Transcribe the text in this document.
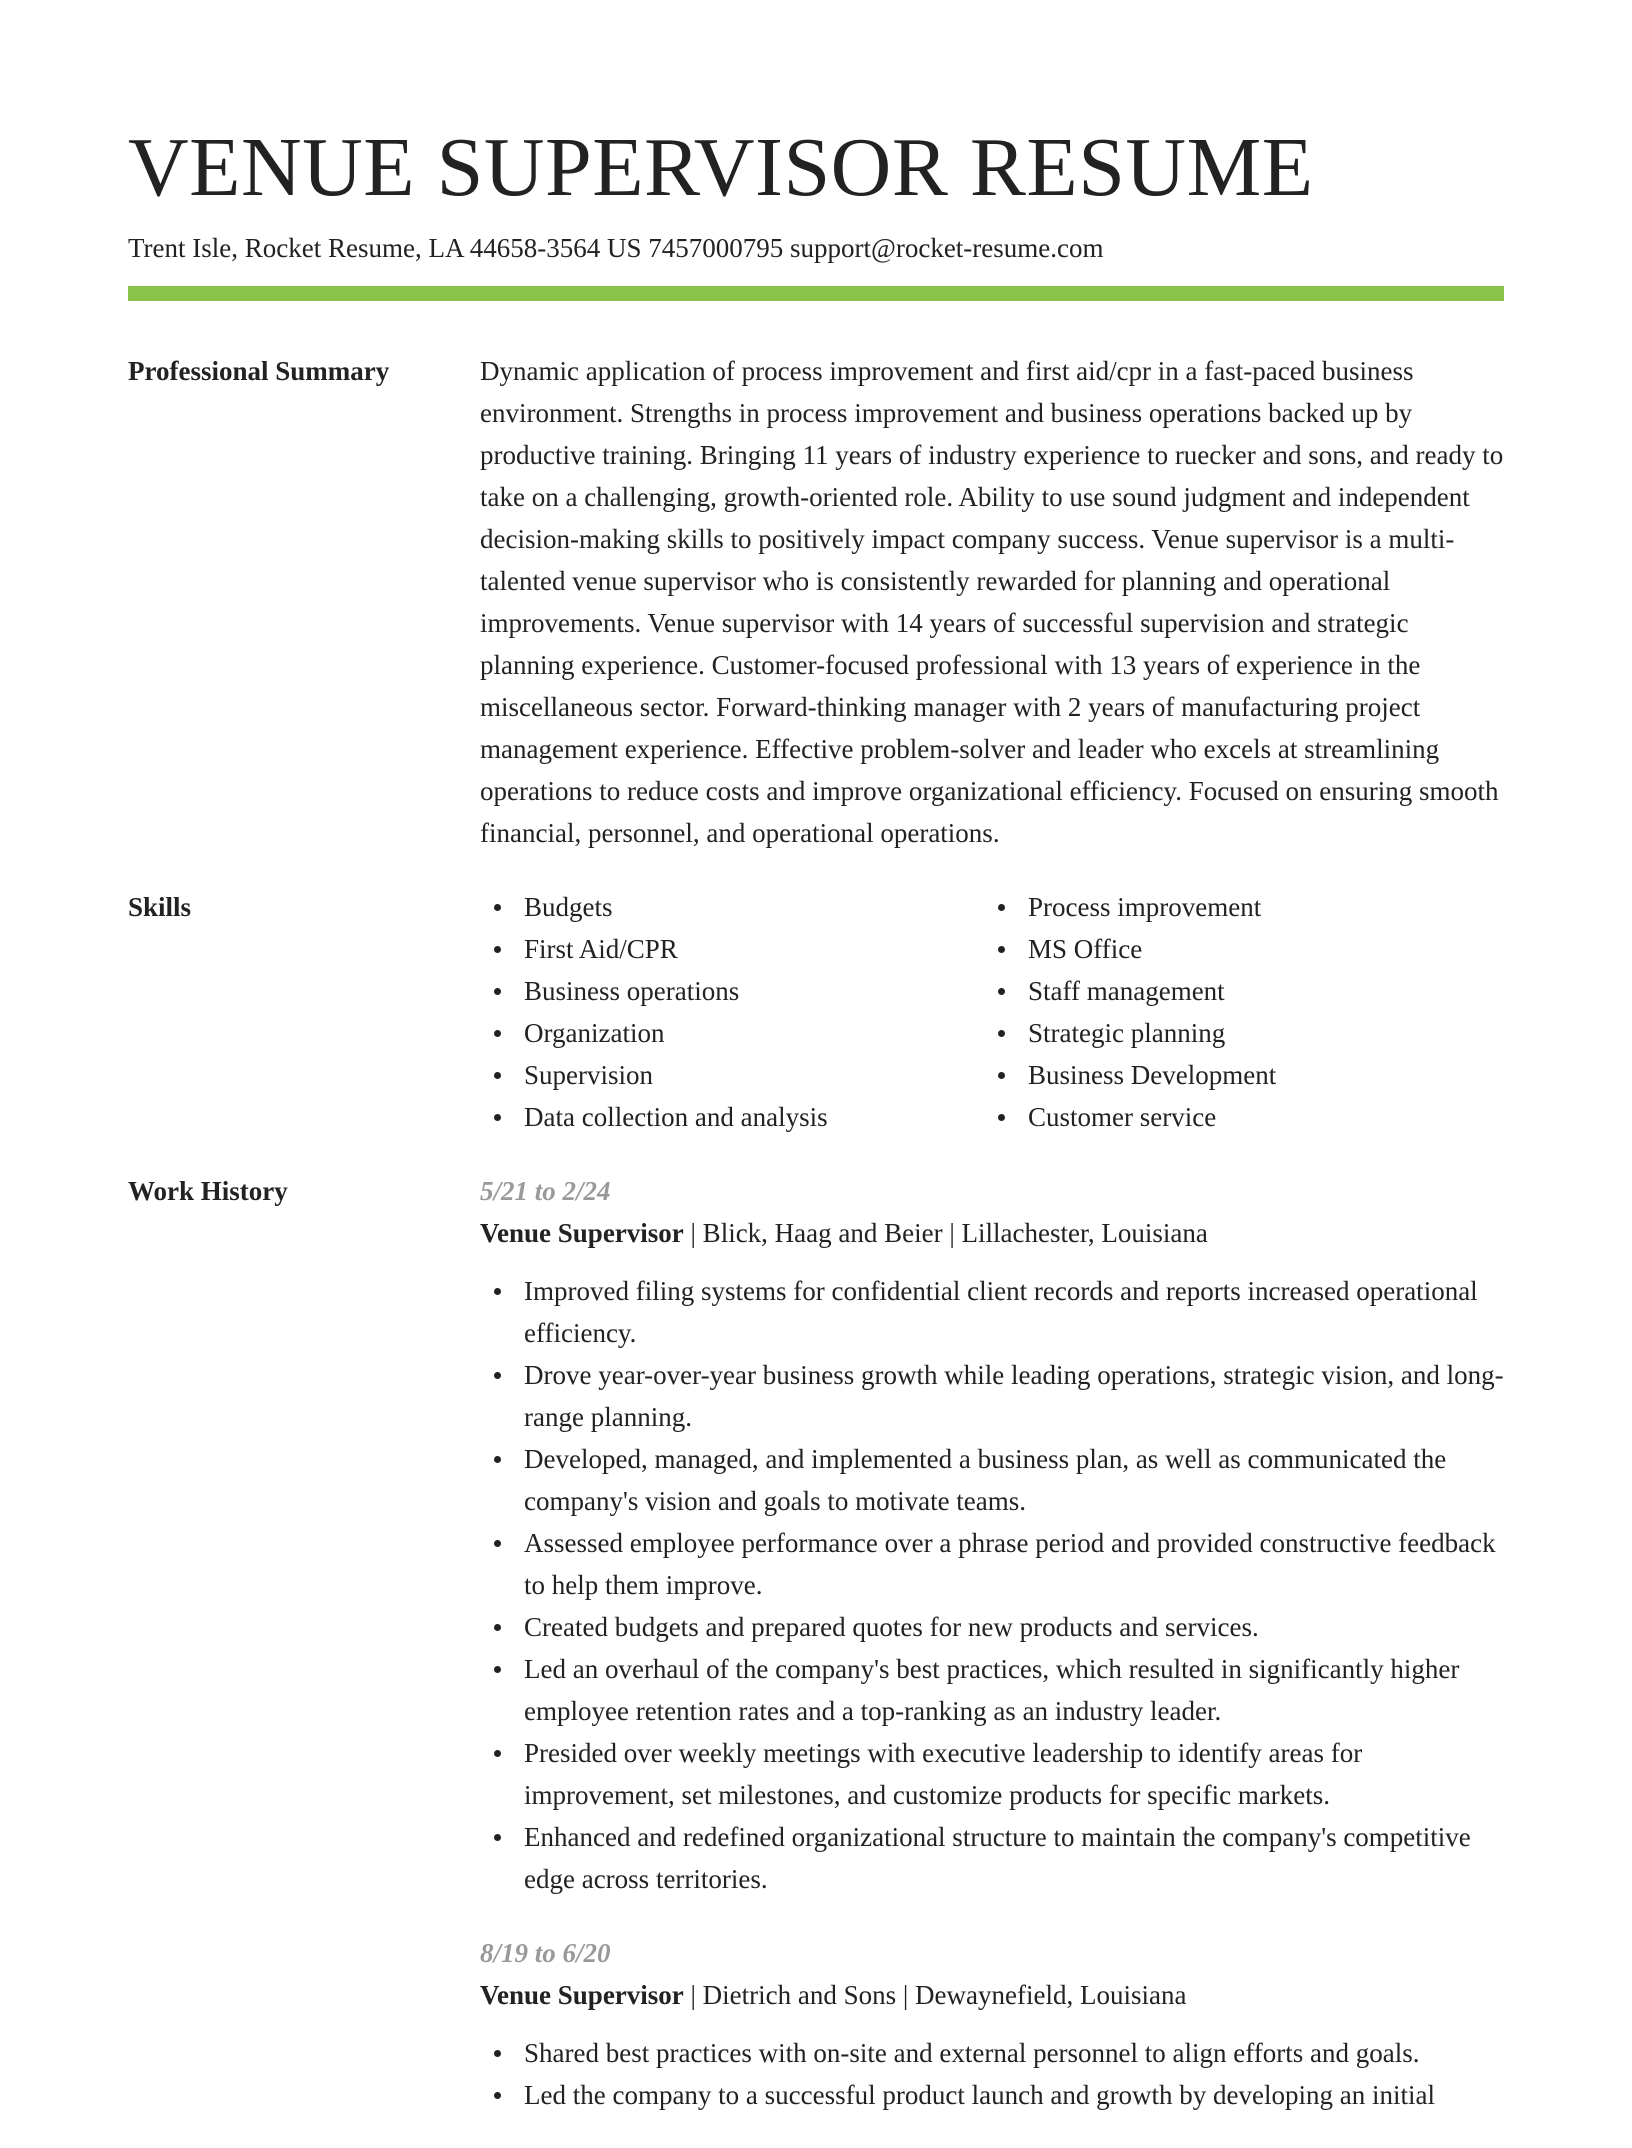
VENUE SUPERVISOR RESUME
Trent Isle, Rocket Resume, LA 44658-3564 US 7457000795 support@rocket-resume.com
Professional Summary	Dynamic application of process improvement and first aid/cpr in a fast-paced business environment. Strengths in process improvement and business operations backed up by productive training. Bringing 11 years of industry experience to ruecker and sons, and ready to take on a challenging, growth-oriented role. Ability to use sound judgment and independent decision-making skills to positively impact company success. Venue supervisor is a multi-talented venue supervisor who is consistently rewarded for planning and operational improvements. Venue supervisor with 14 years of successful supervision and strategic planning experience. Customer-focused professional with 13 years of experience in the miscellaneous sector. Forward-thinking manager with 2 years of manufacturing project management experience. Effective problem-solver and leader who excels at streamlining operations to reduce costs and improve organizational efficiency. Focused on ensuring smooth financial, personnel, and operational operations.

Skills	Budgets
First Aid/CPR
Business operations
Organization
Supervision
Data collection and analysis
Process improvement
MS Office
Staff management
Strategic planning
Business Development
Customer service
Work History	5/21 to 2/24
Venue Supervisor | Blick, Haag and Beier | Lillachester, Louisiana
Improved filing systems for confidential client records and reports increased operational efficiency.
Drove year-over-year business growth while leading operations, strategic vision, and long-range planning.
Developed, managed, and implemented a business plan, as well as communicated the company's vision and goals to motivate teams.
Assessed employee performance over a phrase period and provided constructive feedback to help them improve.
Created budgets and prepared quotes for new products and services.
Led an overhaul of the company's best practices, which resulted in significantly higher employee retention rates and a top-ranking as an industry leader.
Presided over weekly meetings with executive leadership to identify areas for improvement, set milestones, and customize products for specific markets.
Enhanced and redefined organizational structure to maintain the company's competitive edge across territories.
8/19 to 6/20
Venue Supervisor | Dietrich and Sons | Dewaynefield, Louisiana
Shared best practices with on-site and external personnel to align efforts and goals.
Led the company to a successful product launch and growth by developing an initial
